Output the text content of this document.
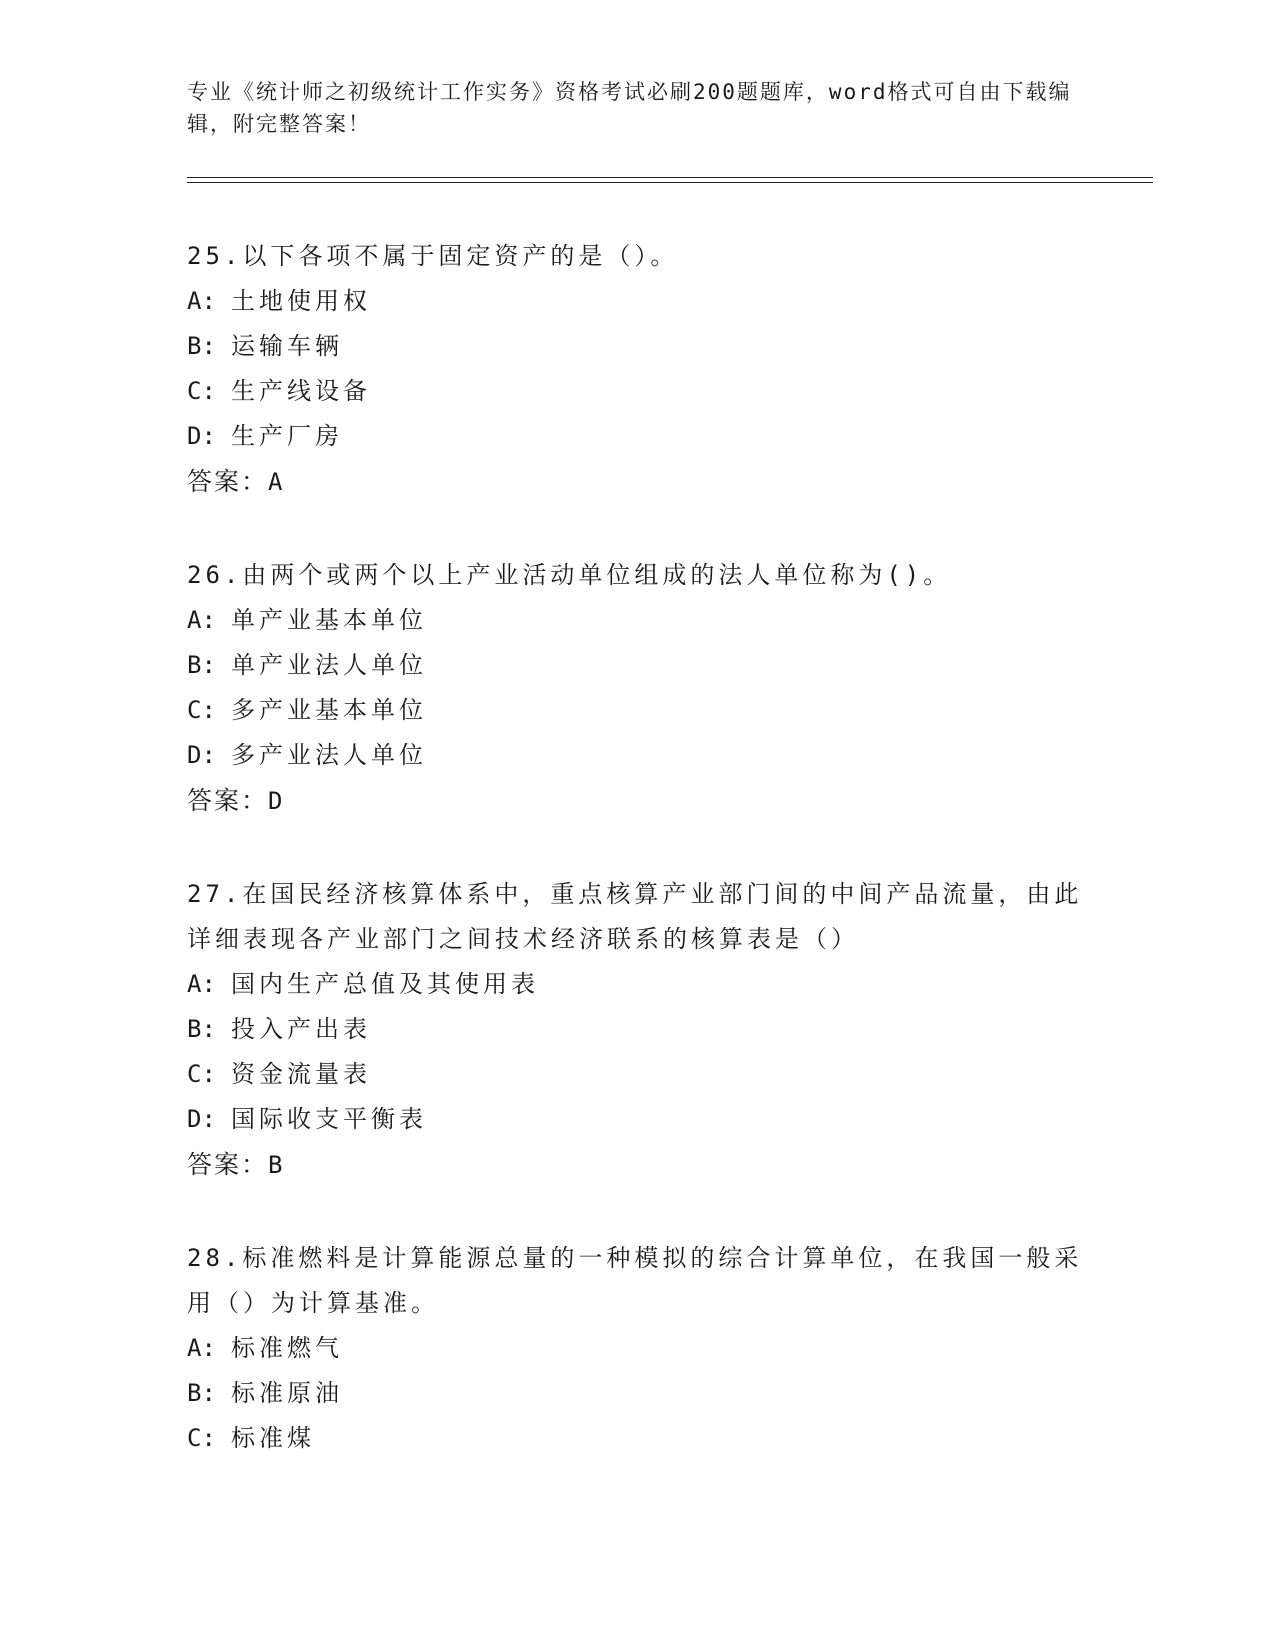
专业《统计师之初级统计工作实务》资格考试必刷200题题库，word格式可自由下载编辑，附完整答案！

25.以下各项不属于固定资产的是（）。

A: 土地使用权

B: 运输车辆

C: 生产线设备

D: 生产厂房

答案：A

26.由两个或两个以上产业活动单位组成的法人单位称为()。

A: 单产业基本单位

B: 单产业法人单位

C: 多产业基本单位

D: 多产业法人单位

答案：D

27.在国民经济核算体系中，重点核算产业部门间的中间产品流量，由此详细表现各产业部门之间技术经济联系的核算表是（）

A: 国内生产总值及其使用表

B: 投入产出表

C: 资金流量表

D: 国际收支平衡表

答案：B

28.标准燃料是计算能源总量的一种模拟的综合计算单位，在我国一般采用（）为计算基准。

A: 标准燃气

B: 标准原油

C: 标准煤
